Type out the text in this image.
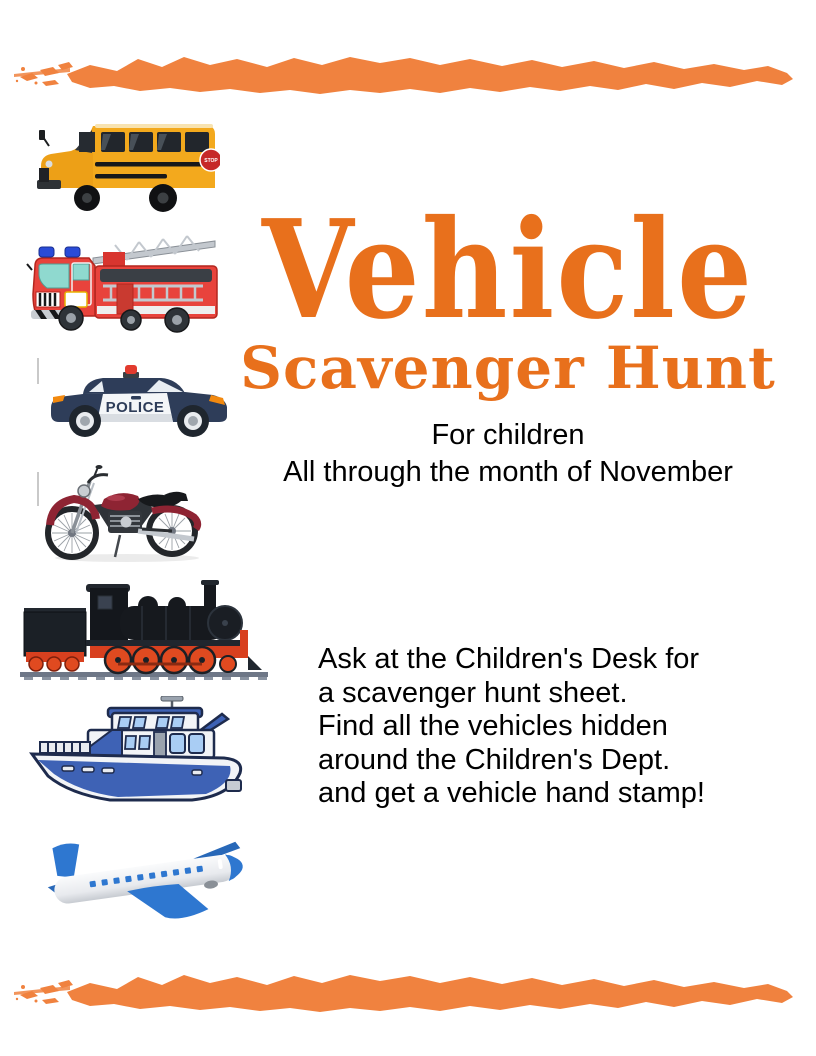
STOP
POLICE
Vehicle
Scavenger Hunt
For children
All through the month of November
Ask at the Children's Desk for
a scavenger hunt sheet.
Find all the vehicles hidden
around the Children's Dept.
and get a vehicle hand stamp!
